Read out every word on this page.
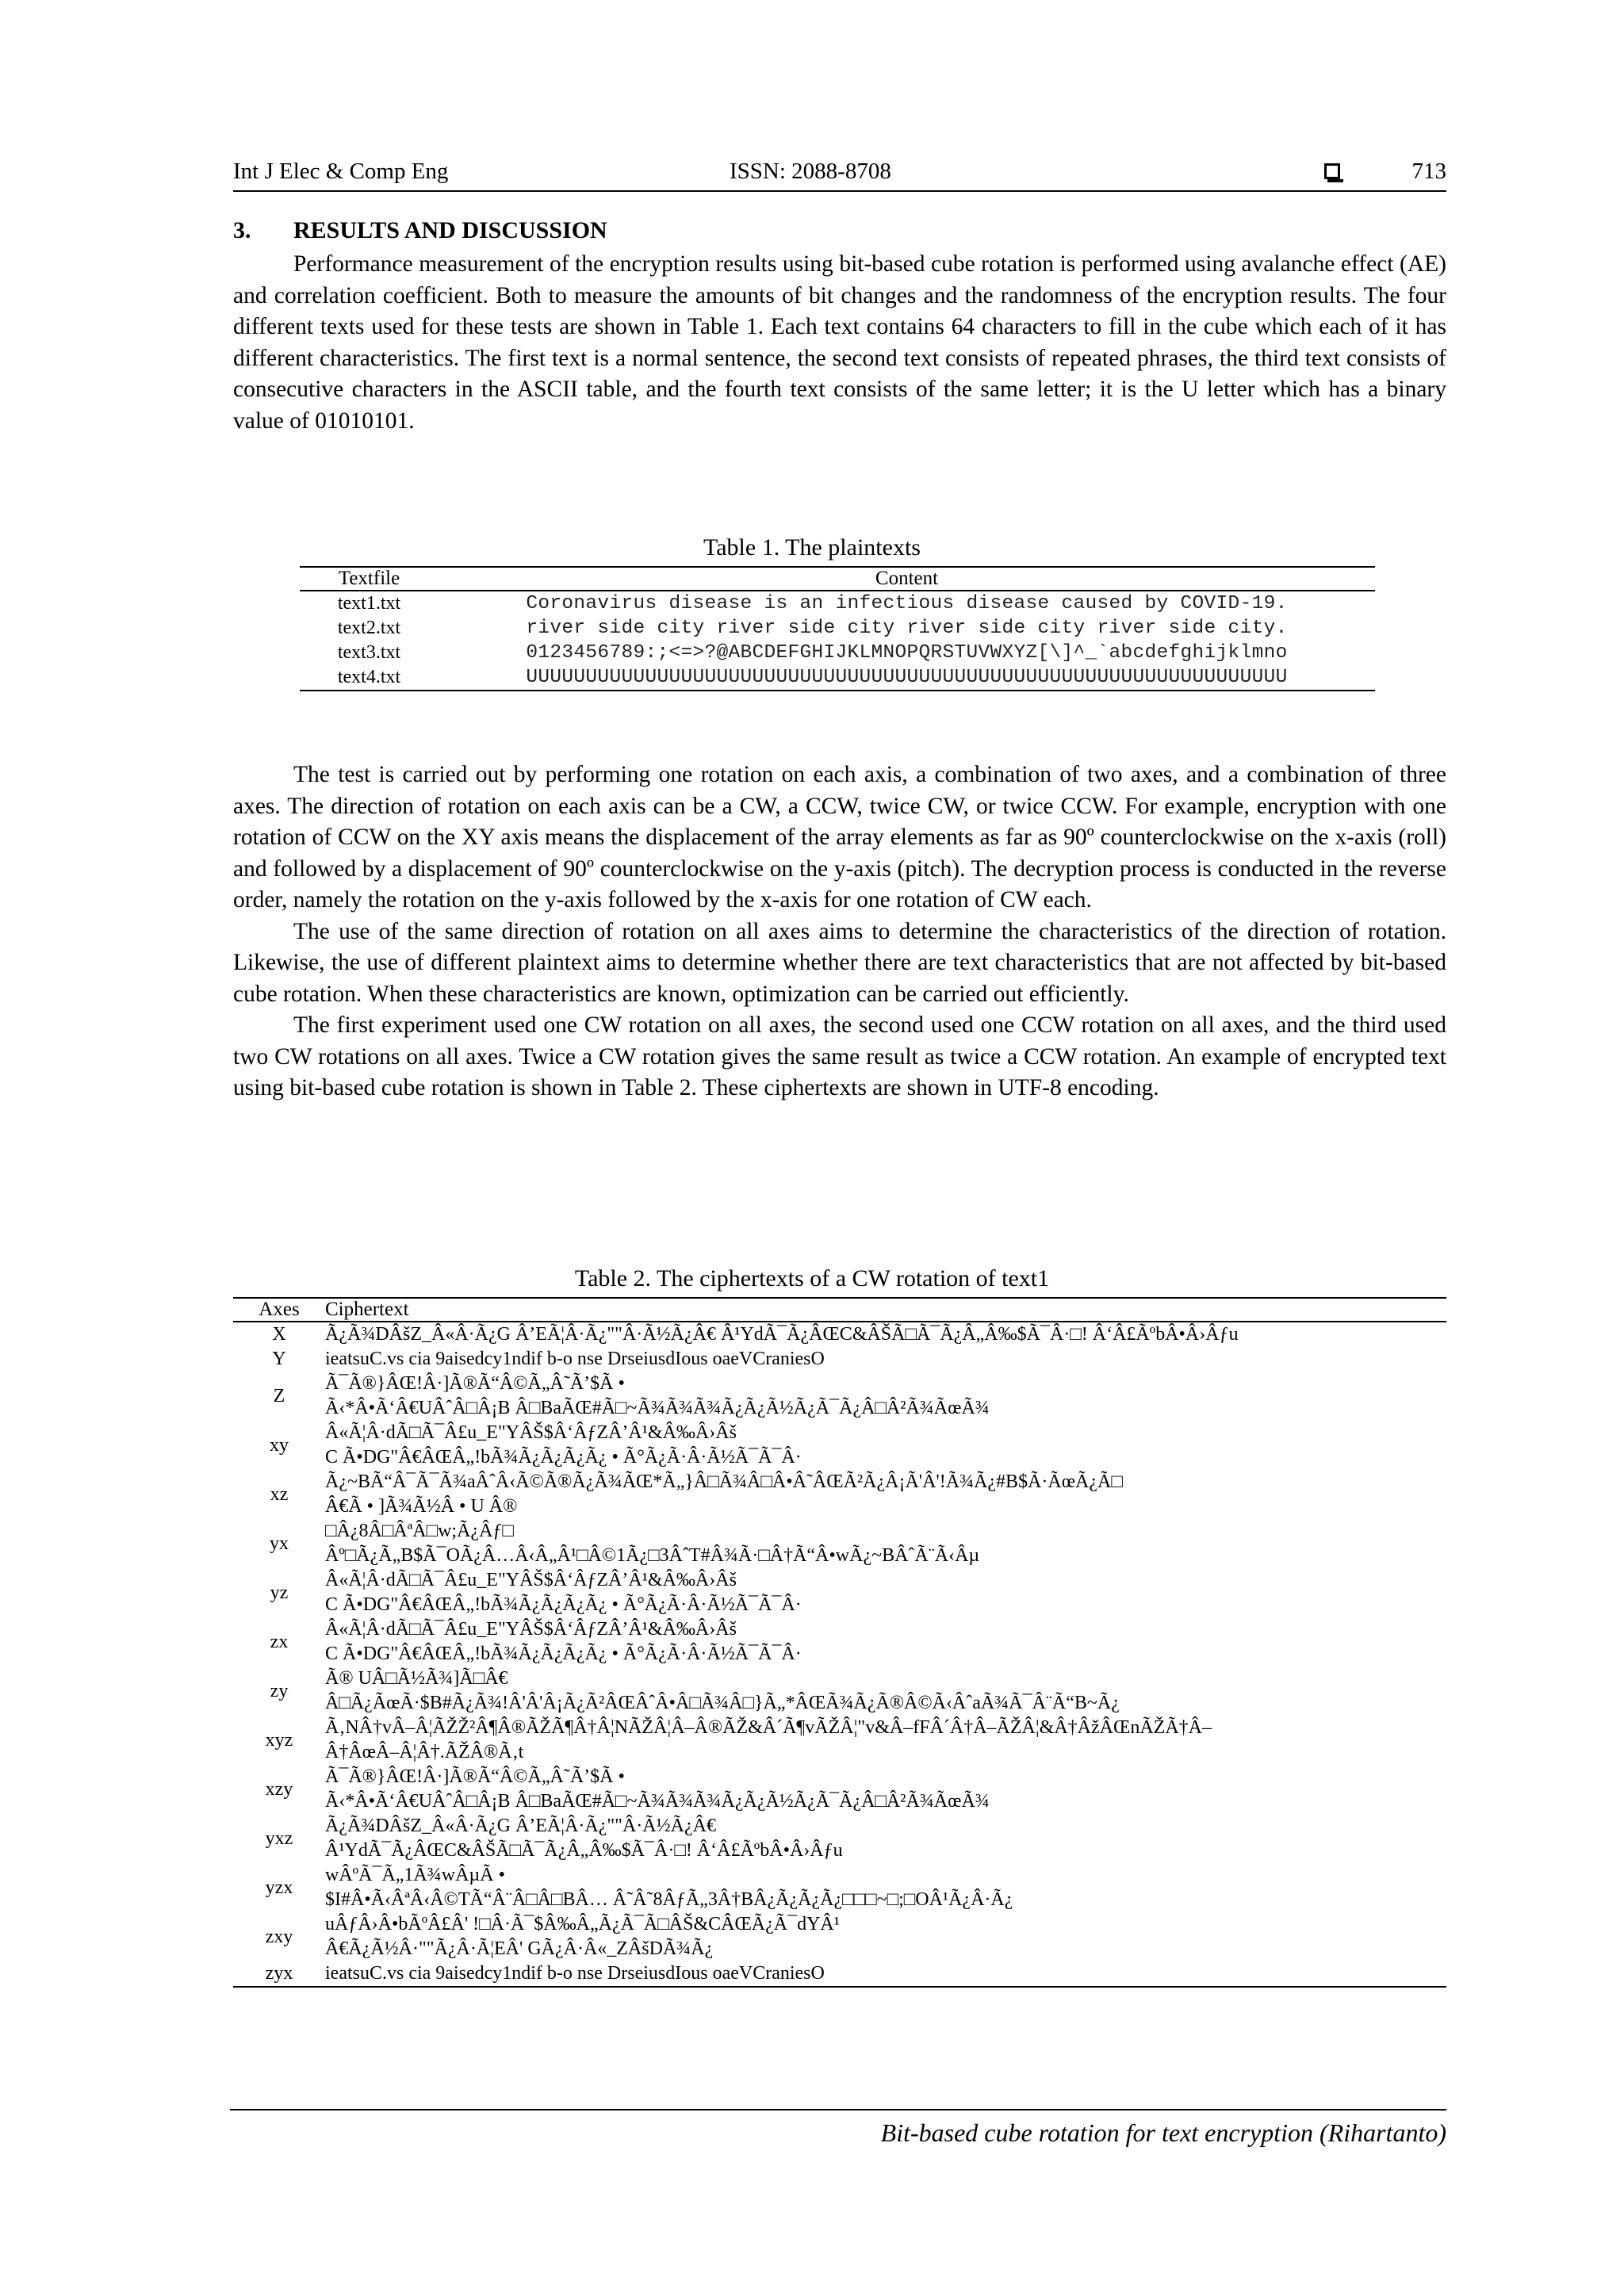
Int J Elec & Comp Eng	ISSN: 2088-8708	713
3. RESULTS AND DISCUSSION

Performance measurement of the encryption results using bit-based cube rotation is performed using avalanche effect (AE) and correlation coefficient. Both to measure the amounts of bit changes and the randomness of the encryption results. The four different texts used for these tests are shown in Table 1. Each text contains 64 characters to fill in the cube which each of it has different characteristics. The first text is a normal sentence, the second text consists of repeated phrases, the third text consists of consecutive characters in the ASCII table, and the fourth text consists of the same letter; it is the U letter which has a binary value of 01010101.

Table 1. The plaintexts
Textfile	Content
text1.txt	Coronavirus disease is an infectious disease caused by COVID-19.
text2.txt	river side city river side city river side city river side city.
text3.txt	0123456789:;<=>?@ABCDEFGHIJKLMNOPQRSTUVWXYZ[\]^_`abcdefghijklmno
text4.txt	UUUUUUUUUUUUUUUUUUUUUUUUUUUUUUUUUUUUUUUUUUUUUUUUUUUUUUUUUUUUUUUU

The test is carried out by performing one rotation on each axis, a combination of two axes, and a combination of three axes. The direction of rotation on each axis can be a CW, a CCW, twice CW, or twice CCW. For example, encryption with one rotation of CCW on the XY axis means the displacement of the array elements as far as 90º counterclockwise on the x-axis (roll) and followed by a displacement of 90º counterclockwise on the y-axis (pitch). The decryption process is conducted in the reverse order, namely the rotation on the y-axis followed by the x-axis for one rotation of CW each.

The use of the same direction of rotation on all axes aims to determine the characteristics of the direction of rotation. Likewise, the use of different plaintext aims to determine whether there are text characteristics that are not affected by bit-based cube rotation. When these characteristics are known, optimization can be carried out efficiently.

The first experiment used one CW rotation on all axes, the second used one CCW rotation on all axes, and the third used two CW rotations on all axes. Twice a CW rotation gives the same result as twice a CCW rotation. An example of encrypted text using bit-based cube rotation is shown in Table 2. These ciphertexts are shown in UTF-8 encoding.

Table 2. The ciphertexts of a CW rotation of text1
Axes	Ciphertext
X	Ã¿Ã¾DÂšZ_Â«Â·Ã¿G Â’EÃ¦Â·Ã¿""Â·Ã½Ã¿Â€ Â¹YdÃ¯Ã¿ÂŒC&ÂŠÃ□Ã¯Ã¿Â„Â‰$Ã¯Â·□! Â‘Â£ÃºbÂ•Â›Âƒu
Y	ieatsuC.vs cia 9aisedcy1ndif b-o nse DrseiusdIous oaeVCraniesO
Z	Ã¯Ã®}ÂŒ!Â·]Ã®Ã“Â©Ã„Â˜Ã’$Ã •
Ã‹*Â•Ã‘Â€UÂˆÂ□Â¡B Â□BaÃŒ#Ã□~Ã¾Ã¾Ã¾Ã¿Ã¿Ã½Ã¿Ã¯Ã¿Â□Â²Ã¾ÃœÃ¾
xy	Â«Ã¦Â·dÃ□Ã¯Â£u_E"YÂŠ$Â‘ÂƒZÂ’Â¹&Â‰Â›Âš
C Ã•DG"Â€ÂŒÂ„!bÃ¾Ã¿Ã¿Ã¿Ã¿ • Ã°Ã¿Ã·Â·Ã½Ã¯Ã¯Â·
xz	Ã¿~BÃ“Â¯Ã¯Ã¾aÂˆÂ‹Ã©Ã®Ã¿Ã¾ÃŒ*Ã„}Â□Ã¾Â□Â•Â˜ÂŒÃ²Ã¿Â¡Ã'Â'!Ã¾Ã¿#B$Ã·ÃœÃ¿Ã□
Â€Ã • ]Ã¾Ã½Â • U Â®
yx	□Â¿8Â□ÂªÂ□w;Ã¿Âƒ□
Âº□Ã¿Ã„B$Ã¯OÃ¿Â…Â‹Â„Â¹□Â©1Ã¿□3ÂˆT#Â¾Ã·□Â†Ã“Â•wÃ¿~BÂˆÃ¨Ã‹Âµ
yz	Â«Ã¦Â·dÃ□Ã¯Â£u_E"YÂŠ$Â‘ÂƒZÂ’Â¹&Â‰Â›Âš
C Ã•DG"Â€ÂŒÂ„!bÃ¾Ã¿Ã¿Ã¿Ã¿ • Ã°Ã¿Ã·Â·Ã½Ã¯Ã¯Â·
zx	Â«Ã¦Â·dÃ□Ã¯Â£u_E"YÂŠ$Â‘ÂƒZÂ’Â¹&Â‰Â›Âš
C Ã•DG"Â€ÂŒÂ„!bÃ¾Ã¿Ã¿Ã¿Ã¿ • Ã°Ã¿Ã·Â·Ã½Ã¯Ã¯Â·
zy	Ã® UÂ□Ã½Ã¾]Ã□Â€
Â□Ã¿ÃœÃ·$B#Ã¿Ã¾!Â'Â'Â¡Ã¿Ã²ÂŒÂˆÂ•Â□Ã¾Â□}Ã„*ÂŒÃ¾Ã¿Ã®Â©Ã‹ÂˆaÃ¾Ã¯Â¨Ã“B~Ã¿
xyz	Ã‚NÂ†vÂ–Â¦ÃŽŽ²Â¶Â®ÃŽÃ¶Â†Â¦NÃŽÂ¦Â–Â®ÃŽ&Â´Ã¶vÃŽÂ¦"v&Â–fFÂ´Â†Â–ÃŽÂ¦&Â†ÂžÂŒnÃŽÃ†Â–
Â†ÂœÂ–Â¦Â†.ÃŽÂ®Ã‚t
xzy	Ã¯Ã®}ÂŒ!Â·]Ã®Ã“Â©Ã„Â˜Ã’$Ã •
Ã‹*Â•Ã‘Â€UÂˆÂ□Â¡B Â□BaÃŒ#Ã□~Ã¾Ã¾Ã¾Ã¿Ã¿Ã½Ã¿Ã¯Ã¿Â□Â²Ã¾ÃœÃ¾
yxz	Ã¿Ã¾DÂšZ_Â«Â·Ã¿G Â’EÃ¦Â·Ã¿""Â·Ã½Ã¿Â€
Â¹YdÃ¯Ã¿ÂŒC&ÂŠÃ□Ã¯Ã¿Â„Â‰$Ã¯Â·□! Â‘Â£ÃºbÂ•Â›Âƒu
yzx	wÂºÃ¯Ã„1Ã¾wÂµÃ •
$I#Â•Ã‹ÂªÂ‹Â©TÃ“Â¨Â□Â□BÂ… Â˜Â˜8ÂƒÃ„3Â†BÂ¿Ã¿Ã¿Ã¿□□□~□;□OÂ¹Ã¿Â·Ã¿
zxy	uÂƒÂ›Â•bÃºÂ£Â' !□Â·Ã¯$Â‰Â„Ã¿Ã¯Ã□ÂŠ&CÂŒÃ¿Ã¯dYÂ¹
Â€Ã¿Ã½Â·""Ã¿Â·Ã¦EÂ' GÃ¿Â·Â«_ZÂšDÃ¾Ã¿
zyx	ieatsuC.vs cia 9aisedcy1ndif b-o nse DrseiusdIous oaeVCraniesO
Bit-based cube rotation for text encryption (Rihartanto)
